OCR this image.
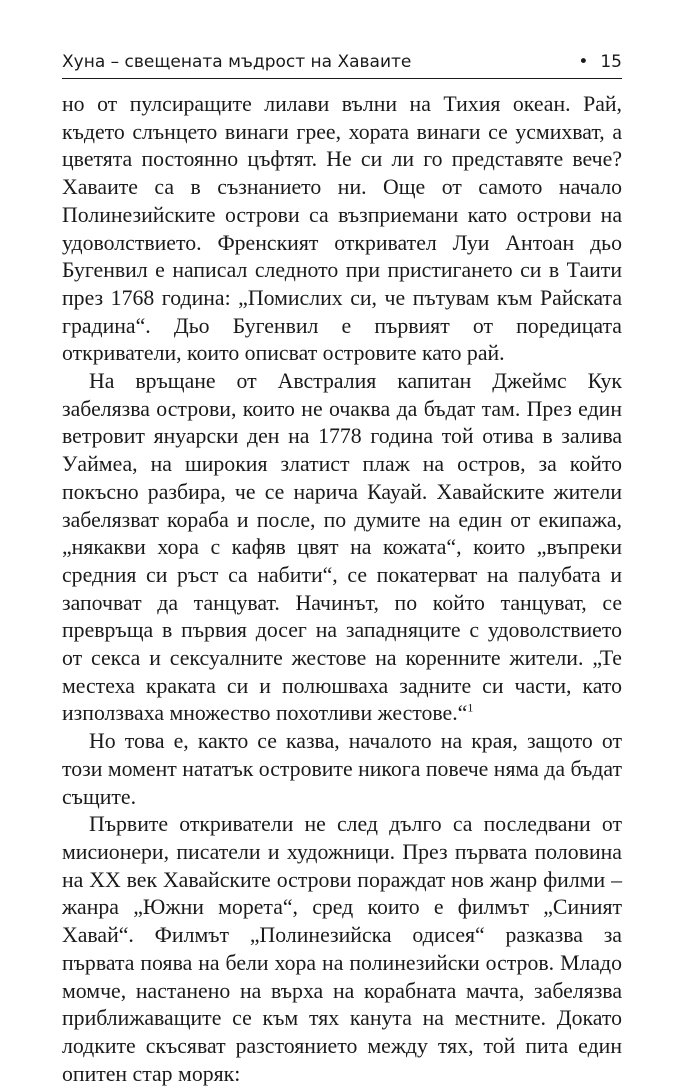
Хуна – свещената мъдрост на Хаваите	• 15

но от пулсиращите лилави вълни на Тихия океан. Рай, където слънцето винаги грее, хората винаги се усмихват, а цветята постоянно цъфтят. Не си ли го представяте вече? Хаваите са в съзнанието ни. Още от самото начало Полинезийските острови са възприемани като острови на удоволствието. Френският откривател Луи Антоан дьо Бугенвил е написал следното при пристигането си в Таити през 1768 година: „Помислих си, че пътувам към Райската градина“. Дьо Бугенвил е първият от поредицата откриватели, които описват островите като рай.

На връщане от Австралия капитан Джеймс Кук забелязва острови, които не очаква да бъдат там. През един ветровит януарски ден на 1778 година той отива в залива Уаймеа, на широкия златист плаж на остров, за който покъсно разбира, че се нарича Кауай. Хавайските жители забелязват кораба и после, по думите на един от екипажа, „някакви хора с кафяв цвят на кожата“, които „въпреки средния си ръст са набити“, се покатерват на палубата и започват да танцуват. Начинът, по който танцуват, се превръща в първия досег на западняците с удоволствието от секса и сексуалните жестове на коренните жители. „Те местеха краката си и полюшваха задните си части, като използваха множество похотливи жестове.“$^1$

Но това е, както се казва, началото на края, защото от този момент нататък островите никога повече няма да бъдат същите.

Първите откриватели не след дълго са последвани от мисионери, писатели и художници. През първата половина на XX век Хавайските острови пораждат нов жанр филми – жанра „Южни морета“, сред които е филмът „Синият Хавай“. Филмът „Полинезийска одисея“ разказва за първата поява на бели хора на полинезийски остров. Младо момче, настанено на върха на корабната мачта, забелязва приближаващите се към тях канута на местните. Докато лодките скъсяват разстоянието между тях, той пита един опитен стар моряк:
